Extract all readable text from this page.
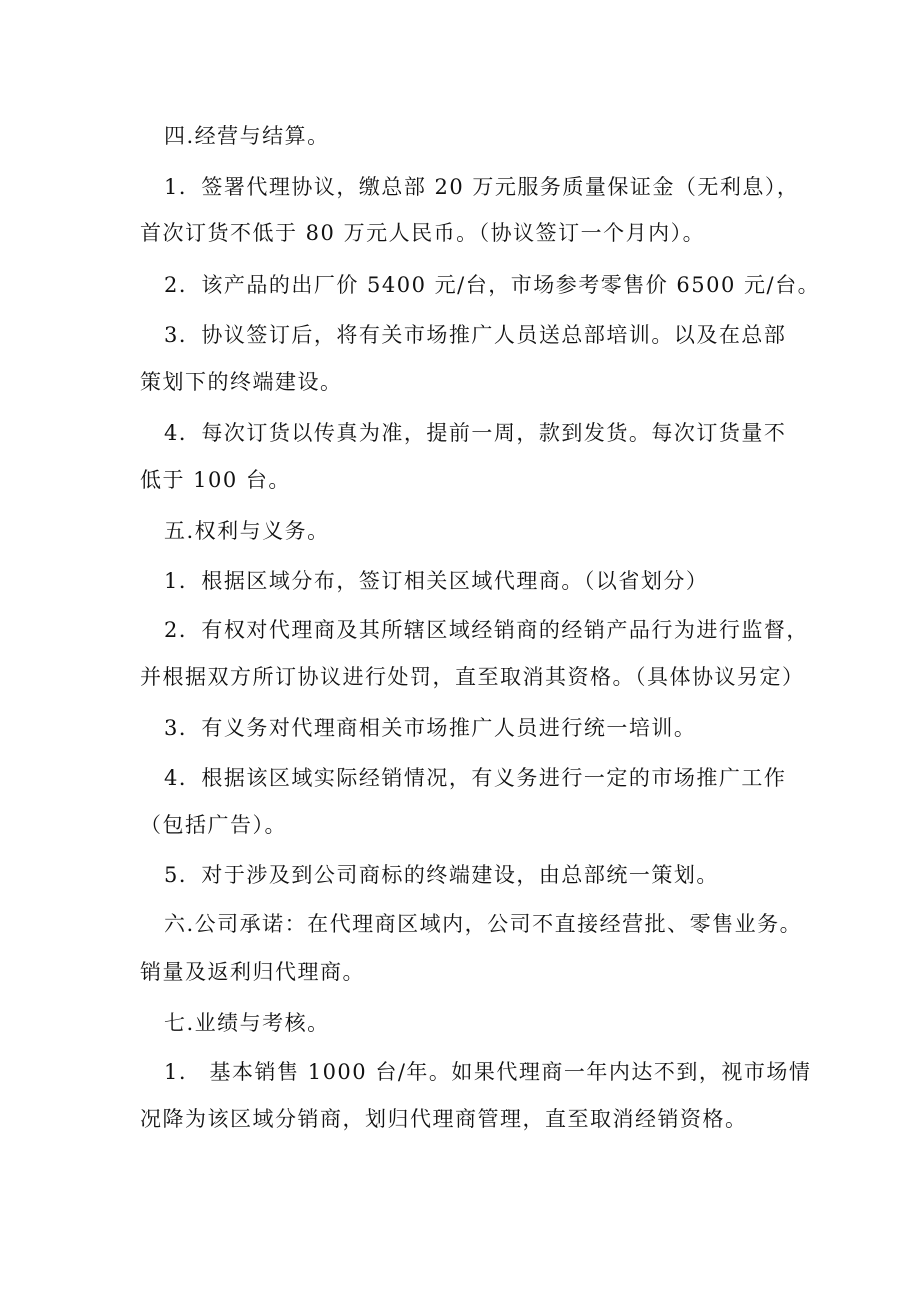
四.经营与结算。
1．签署代理协议，缴总部 20 万元服务质量保证金（无利息），
首次订货不低于 80 万元人民币。（协议签订一个月内）。
2．该产品的出厂价 5400 元/台，市场参考零售价 6500 元/台。
3．协议签订后，将有关市场推广人员送总部培训。以及在总部
策划下的终端建设。
4．每次订货以传真为准，提前一周，款到发货。每次订货量不
低于 100 台。
五.权利与义务。
1．根据区域分布，签订相关区域代理商。（以省划分）
2．有权对代理商及其所辖区域经销商的经销产品行为进行监督，
并根据双方所订协议进行处罚，直至取消其资格。（具体协议另定）
3．有义务对代理商相关市场推广人员进行统一培训。
4．根据该区域实际经销情况，有义务进行一定的市场推广工作
（包括广告）。
5．对于涉及到公司商标的终端建设，由总部统一策划。
六.公司承诺：在代理商区域内，公司不直接经营批、零售业务。
销量及返利归代理商。
七.业绩与考核。
1.　基本销售 1000 台/年。如果代理商一年内达不到，视市场情
况降为该区域分销商，划归代理商管理，直至取消经销资格。
